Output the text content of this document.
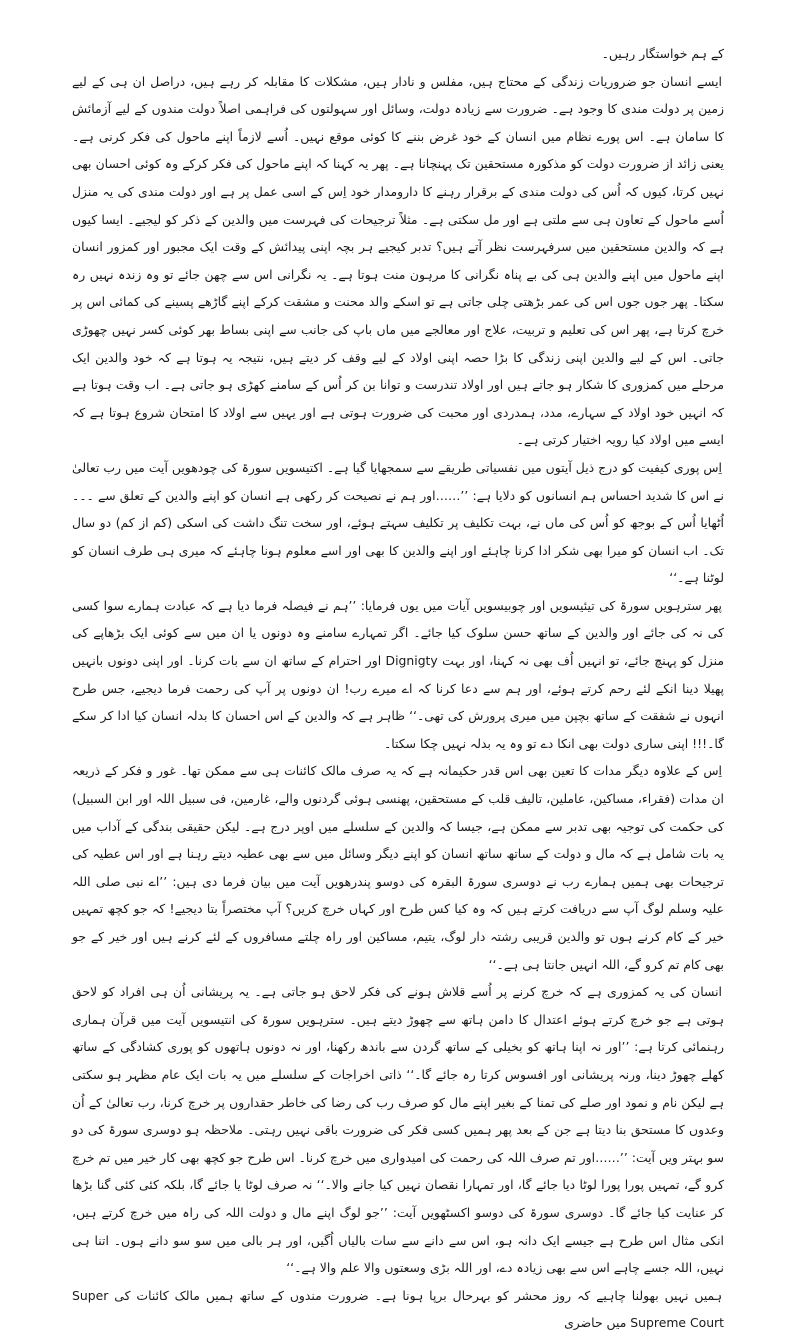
کے ہم خواستگار رہیں۔

ایسے انسان جو ضروریات زندگی کے محتاج ہیں، مفلس و نادار ہیں، مشکلات کا مقابلہ کر رہے ہیں، دراصل ان ہی کے لیے زمین پر دولت مندی کا وجود ہے۔ ضرورت سے زیادہ دولت، وسائل اور سہولتوں کی فراہمی اصلاً دولت مندوں کے لیے آزمائش کا سامان ہے۔ اس پورے نظام میں انسان کے خود غرض بننے کا کوئی موقع نہیں۔ اُسے لازماً اپنے ماحول کی فکر کرنی ہے۔ یعنی زائد از ضرورت دولت کو مذکورہ مستحقین تک پہنچانا ہے۔ پھر یہ کہنا کہ اپنے ماحول کی فکر کرکے وہ کوئی احسان بھی نہیں کرتا، کیوں کہ اُس کی دولت مندی کے برقرار رہنے کا دارومدار خود اِس کے اسی عمل پر ہے اور دولت مندی کی یہ منزل اُسے ماحول کے تعاون ہی سے ملتی ہے اور مل سکتی ہے۔ مثلاً ترجیحات کی فہرست میں والدین کے ذکر کو لیجیے۔ ایسا کیوں ہے کہ والدین مستحقین میں سرفہرست نظر آتے ہیں؟ تدبر کیجیے ہر بچہ اپنی پیدائش کے وقت ایک مجبور اور کمزور انسان اپنے ماحول میں اپنے والدین ہی کی بے پناہ نگرانی کا مرہون منت ہوتا ہے۔ یہ نگرانی اس سے چھن جائے تو وہ زندہ نہیں رہ سکتا۔ پھر جوں جوں اس کی عمر بڑھتی چلی جاتی ہے تو اسکے والد محنت و مشقت کرکے اپنے گاڑھے پسینے کی کمائی اس پر خرچ کرتا ہے، پھر اس کی تعلیم و تربیت، علاج اور معالجے میں ماں باپ کی جانب سے اپنی بساط بھر کوئی کسر نہیں چھوڑی جاتی۔ اس کے لیے والدین اپنی زندگی کا بڑا حصہ اپنی اولاد کے لیے وقف کر دیتے ہیں، نتیجہ یہ ہوتا ہے کہ خود والدین ایک مرحلے میں کمزوری کا شکار ہو جاتے ہیں اور اولاد تندرست و توانا بن کر اُس کے سامنے کھڑی ہو جاتی ہے۔ اب وقت ہوتا ہے کہ انہیں خود اولاد کے سہارے، مدد، ہمدردی اور محبت کی ضرورت ہوتی ہے اور یہیں سے اولاد کا امتحان شروع ہوتا ہے کہ ایسے میں اولاد کیا رویہ اختیار کرتی ہے۔

اِس پوری کیفیت کو درج ذیل آیتوں میں نفسیاتی طریقے سے سمجھایا گیا ہے۔ اکتیسویں سورۃ کی چودھویں آیت میں رب تعالیٰ نے اس کا شدید احساس ہم انسانوں کو دلایا ہے: ’’……اور ہم نے نصیحت کر رکھی ہے انسان کو اپنے والدین کے تعلق سے ۔۔۔ اُٹھایا اُس کے بوجھ کو اُس کی ماں نے، بہت تکلیف پر تکلیف سہتے ہوئے، اور سخت تنگ داشت کی اسکی (کم از کم) دو سال تک۔ اب انسان کو میرا بھی شکر ادا کرنا چاہئے اور اپنے والدین کا بھی اور اسے معلوم ہونا چاہئے کہ میری ہی طرف انسان کو لوٹنا ہے۔‘‘

پھر سترہویں سورۃ کی تیئیسویں اور چوبیسویں آیات میں یوں فرمایا: ’’ہم نے فیصلہ فرما دیا ہے کہ عبادت ہمارے سوا کسی کی نہ کی جائے اور والدین کے ساتھ حسن سلوک کیا جائے۔ اگر تمہارے سامنے وہ دونوں یا ان میں سے کوئی ایک بڑھاپے کی منزل کو پہنچ جائے، تو انہیں اُف بھی نہ کہنا، اور بہت Dignigty اور احترام کے ساتھ ان سے بات کرنا۔ اور اپنی دونوں بانہیں پھیلا دینا انکے لئے رحم کرتے ہوئے، اور ہم سے دعا کرنا کہ اے میرے رب! ان دونوں پر آپ کی رحمت فرما دیجیے، جس طرح انہوں نے شفقت کے ساتھ بچپن میں میری پرورش کی تھی۔‘‘ ظاہر ہے کہ والدین کے اس احسان کا بدلہ انسان کیا ادا کر سکے گا۔!!! اپنی ساری دولت بھی انکا دے تو وہ یہ بدلہ نہیں چکا سکتا۔

اِس کے علاوہ دیگر مدات کا تعین بھی اس قدر حکیمانہ ہے کہ یہ صرف مالک کائنات ہی سے ممکن تھا۔ غور و فکر کے ذریعہ ان مدات (فقراء، مساکین، عاملین، تالیف قلب کے مستحقین، پھنسی ہوئی گردنوں والے، غارمین، فی سبیل اللہ اور ابن السبیل) کی حکمت کی توجیہ بھی تدبر سے ممکن ہے، جیسا کہ والدین کے سلسلے میں اوپر درج ہے۔ لیکن حقیقی بندگی کے آداب میں یہ بات شامل ہے کہ مال و دولت کے ساتھ ساتھ انسان کو اپنے دیگر وسائل میں سے بھی عطیہ دیتے رہنا ہے اور اس عطیہ کی ترجیحات بھی ہمیں ہمارے رب نے دوسری سورۃ البقرہ کی دوسو پندرھویں آیت میں بیان فرما دی ہیں: ’’اے نبی صلی اللہ علیہ وسلم لوگ آپ سے دریافت کرتے ہیں کہ وہ کیا کس طرح اور کہاں خرچ کریں؟ آپ مختصراً بتا دیجیے! کہ جو کچھ تمہیں خیر کے کام کرنے ہوں تو والدین قریبی رشتہ دار لوگ، یتیم، مساکین اور راہ چلتے مسافروں کے لئے کرنے ہیں اور خیر کے جو بھی کام تم کرو گے، اللہ انہیں جانتا ہی ہے۔‘‘

انسان کی یہ کمزوری ہے کہ خرچ کرنے پر اُسے قلاش ہونے کی فکر لاحق ہو جاتی ہے۔ یہ پریشانی اُن ہی افراد کو لاحق ہوتی ہے جو خرچ کرتے ہوئے اعتدال کا دامن ہاتھ سے چھوڑ دیتے ہیں۔ سترہویں سورۃ کی انتیسویں آیت میں قرآن ہماری رہنمائی کرتا ہے: ’’اور نہ اپنا ہاتھ کو بخیلی کے ساتھ گردن سے باندھ رکھنا، اور نہ دونوں ہاتھوں کو پوری کشادگی کے ساتھ کھلے چھوڑ دینا، ورنہ پریشانی اور افسوس کرتا رہ جائے گا۔‘‘ ذاتی اخراجات کے سلسلے میں یہ بات ایک عام مظہر ہو سکتی ہے لیکن نام و نمود اور صلے کی تمنا کے بغیر اپنے مال کو صرف رب کی رضا کی خاطر حقداروں پر خرچ کرنا، رب تعالیٰ کے اُن وعدوں کا مستحق بنا دیتا ہے جن کے بعد پھر ہمیں کسی فکر کی ضرورت باقی نہیں رہتی۔ ملاحظہ ہو دوسری سورۃ کی دو سو بہتر ویں آیت: ’’……اور تم صرف اللہ کی رحمت کی امیدواری میں خرچ کرنا۔ اس طرح جو کچھ بھی کار خیر میں تم خرچ کرو گے، تمہیں پورا پورا لوٹا دیا جائے گا، اور تمہارا نقصان نہیں کیا جانے والا۔‘‘ نہ صرف لوٹا یا جائے گا، بلکہ کئی کئی گنا بڑھا کر عنایت کیا جائے گا۔ دوسری سورۃ کی دوسو اکسٹھویں آیت: ’’جو لوگ اپنے مال و دولت اللہ کی راہ میں خرچ کرتے ہیں، انکی مثال اس طرح ہے جیسے ایک دانہ ہو، اس سے دانے سے سات بالیاں اُگیں، اور ہر بالی میں سو سو دانے ہوں۔ اتنا ہی نہیں، اللہ جسے چاہے اس سے بھی زیادہ دے، اور اللہ بڑی وسعتوں والا علم والا ہے۔‘‘

ہمیں نہیں بھولنا چاہیے کہ روز محشر کو بہرحال برپا ہونا ہے۔ ضرورت مندوں کے ساتھ ہمیں مالک کائنات کی Super Supreme Court میں حاضری
